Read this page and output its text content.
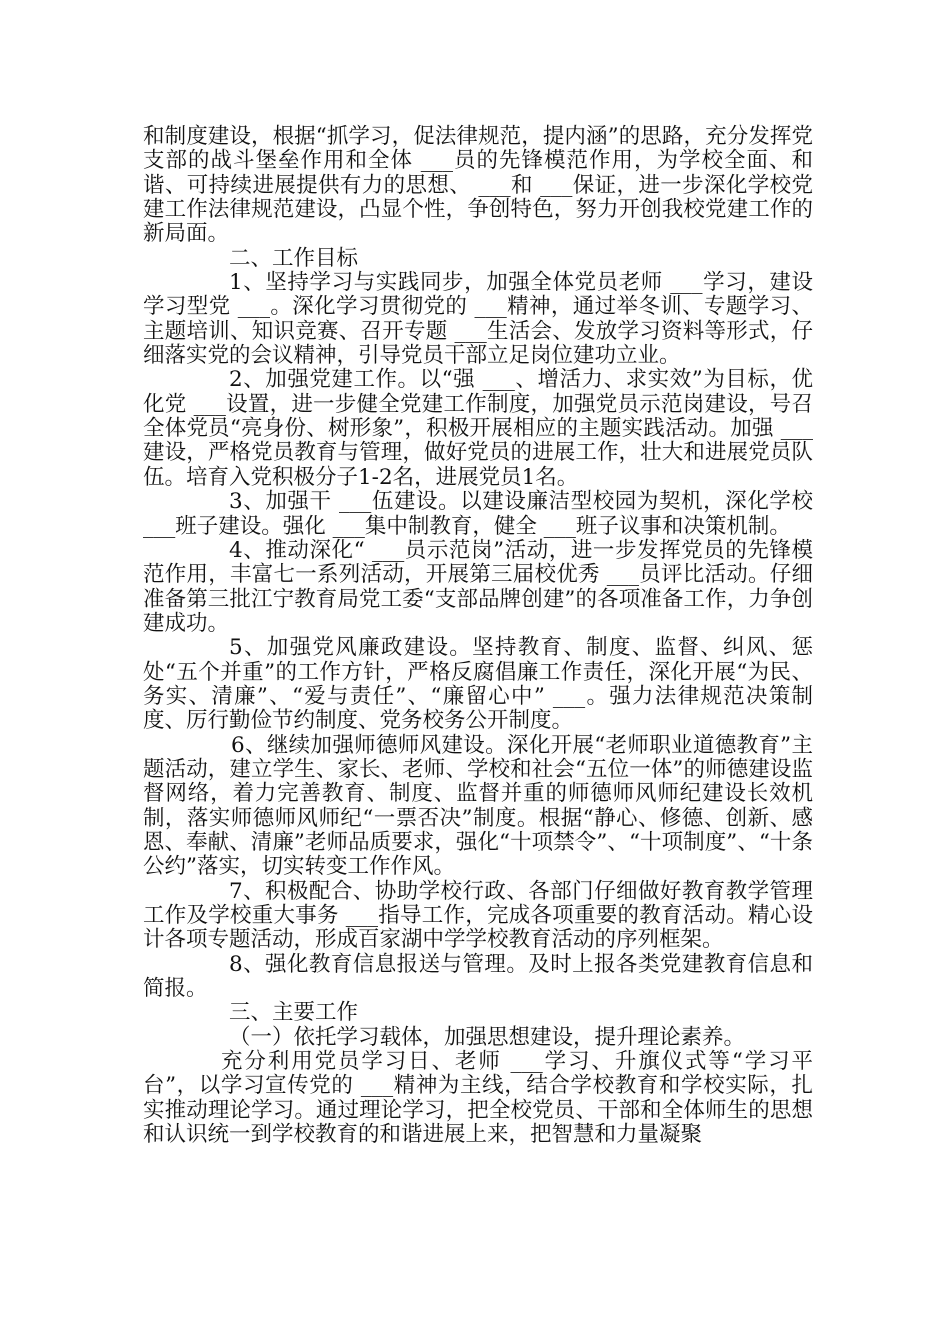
和制度建设，根据“抓学习，促法律规范，提内涵”的思路，充分发挥党支部的战斗堡垒作用和全体 ___员的先锋模范作用，为学校全面、和谐、可持续进展提供有力的思想、 ___和 ___保证，进一步深化学校党建工作法律规范建设，凸显个性，争创特色，努力开创我校党建工作的新局面。

二、工作目标

1、坚持学习与实践同步，加强全体党员老师 ___学习，建设学习型党 ___。深化学习贯彻党的 ___精神，通过举冬训、专题学习、主题培训、知识竞赛、召开专题 ___生活会、发放学习资料等形式，仔细落实党的会议精神，引导党员干部立足岗位建功立业。

2、加强党建工作。以“强 ___、增活力、求实效”为目标，优化党 ___设置，进一步健全党建工作制度，加强党员示范岗建设，号召全体党员“亮身份、树形象”，积极开展相应的主题实践活动。加强 ___建设，严格党员教育与管理，做好党员的进展工作，壮大和进展党员队伍。培育入党积极分子1-2名，进展党员1名。

3、加强干 ___伍建设。以建设廉洁型校园为契机，深化学校 ___班子建设。强化 ___集中制教育，健全 ___班子议事和决策机制。

4、推动深化“ ___员示范岗”活动，进一步发挥党员的先锋模范作用，丰富七一系列活动，开展第三届校优秀 ___员评比活动。仔细准备第三批江宁教育局党工委“支部品牌创建”的各项准备工作，力争创建成功。

5、加强党风廉政建设。坚持教育、制度、监督、纠风、惩处“五个并重”的工作方针，严格反腐倡廉工作责任，深化开展“为民、务实、清廉”、“爱与责任”、“廉留心中” ___。强力法律规范决策制度、厉行勤俭节约制度、党务校务公开制度。

6、继续加强师德师风建设。深化开展“老师职业道德教育”主题活动，建立学生、家长、老师、学校和社会“五位一体”的师德建设监督网络，着力完善教育、制度、监督并重的师德师风师纪建设长效机制，落实师德师风师纪“一票否决”制度。根据“静心、修德、创新、感恩、奉献、清廉”老师品质要求，强化“十项禁令”、“十项制度”、“十条公约”落实，切实转变工作作风。

7、积极配合、协助学校行政、各部门仔细做好教育教学管理工作及学校重大事务 ___指导工作，完成各项重要的教育活动。精心设计各项专题活动，形成百家湖中学学校教育活动的序列框架。

8、强化教育信息报送与管理。及时上报各类党建教育信息和简报。

三、主要工作

（一）依托学习载体，加强思想建设，提升理论素养。

充分利用党员学习日、老师 ___学习、升旗仪式等“学习平台”，以学习宣传党的 ___精神为主线，结合学校教育和学校实际，扎实推动理论学习。通过理论学习，把全校党员、干部和全体师生的思想和认识统一到学校教育的和谐进展上来，把智慧和力量凝聚
